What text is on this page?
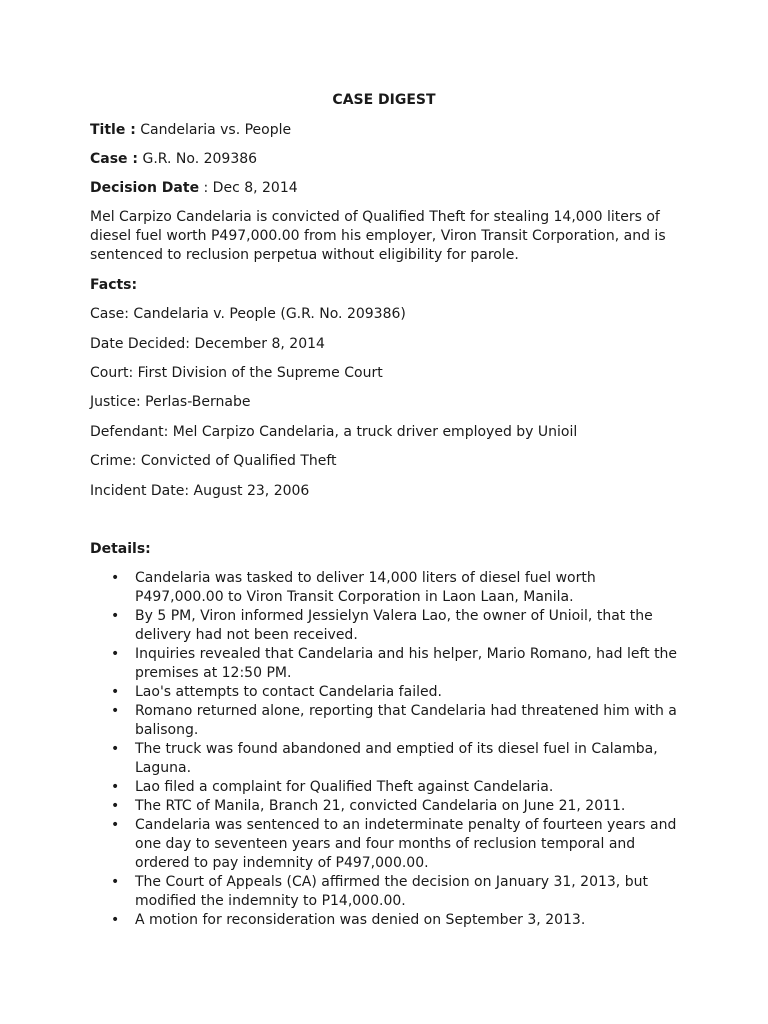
CASE DIGEST

Title : Candelaria vs. People

Case : G.R. No. 209386

Decision Date : Dec 8, 2014

Mel Carpizo Candelaria is convicted of Qualified Theft for stealing 14,000 liters of diesel fuel worth P497,000.00 from his employer, Viron Transit Corporation, and is sentenced to reclusion perpetua without eligibility for parole.

Facts:

Case: Candelaria v. People (G.R. No. 209386)

Date Decided: December 8, 2014

Court: First Division of the Supreme Court

Justice: Perlas-Bernabe

Defendant: Mel Carpizo Candelaria, a truck driver employed by Unioil

Crime: Convicted of Qualified Theft

Incident Date: August 23, 2006

Details:

• Candelaria was tasked to deliver 14,000 liters of diesel fuel worth P497,000.00 to Viron Transit Corporation in Laon Laan, Manila.
• By 5 PM, Viron informed Jessielyn Valera Lao, the owner of Unioil, that the delivery had not been received.
• Inquiries revealed that Candelaria and his helper, Mario Romano, had left the premises at 12:50 PM.
• Lao's attempts to contact Candelaria failed.
• Romano returned alone, reporting that Candelaria had threatened him with a balisong.
• The truck was found abandoned and emptied of its diesel fuel in Calamba, Laguna.
• Lao filed a complaint for Qualified Theft against Candelaria.
• The RTC of Manila, Branch 21, convicted Candelaria on June 21, 2011.
• Candelaria was sentenced to an indeterminate penalty of fourteen years and one day to seventeen years and four months of reclusion temporal and ordered to pay indemnity of P497,000.00.
• The Court of Appeals (CA) affirmed the decision on January 31, 2013, but modified the indemnity to P14,000.00.
• A motion for reconsideration was denied on September 3, 2013.
